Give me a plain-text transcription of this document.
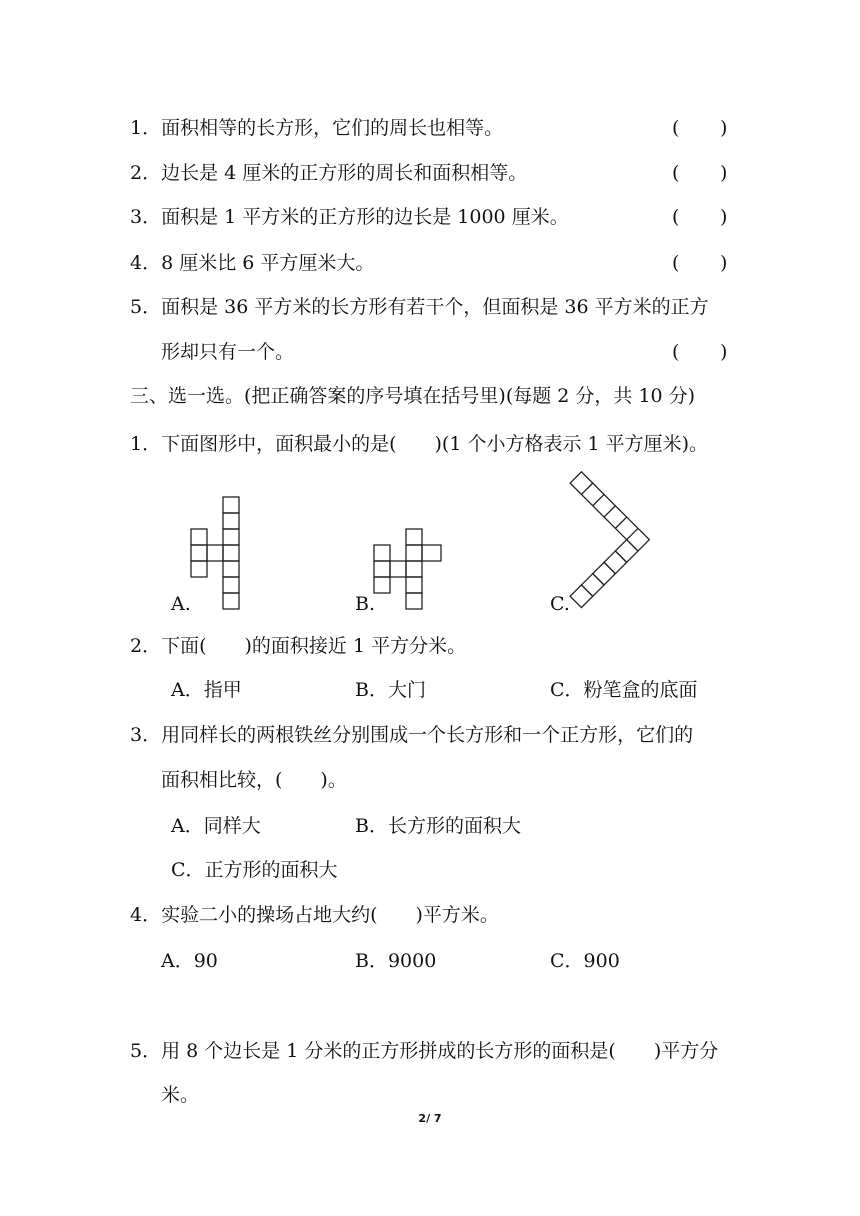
1．面积相等的长方形，它们的周长也相等。	( )
2．边长是 4 厘米的正方形的周长和面积相等。	( )
3．面积是 1 平方米的正方形的边长是 1000 厘米。	( )
4．8 厘米比 6 平方厘米大。	( )
5．面积是 36 平方米的长方形有若干个，但面积是 36 平方米的正方
形却只有一个。	( )
三、选一选。(把正确答案的序号填在括号里)(每题 2 分，共 10 分)
1．下面图形中，面积最小的是(　　)(1 个小方格表示 1 平方厘米)。
A.	B.	C.
2．下面(　　)的面积接近 1 平方分米。
A．指甲	B．大门	C．粉笔盒的底面
3．用同样长的两根铁丝分别围成一个长方形和一个正方形，它们的
面积相比较，(　　)。
A．同样大	B．长方形的面积大
C．正方形的面积大
4．实验二小的操场占地大约(　　)平方米。
A．90	B．9000	C．900
5．用 8 个边长是 1 分米的正方形拼成的长方形的面积是(　　)平方分
米。
2/ 7
